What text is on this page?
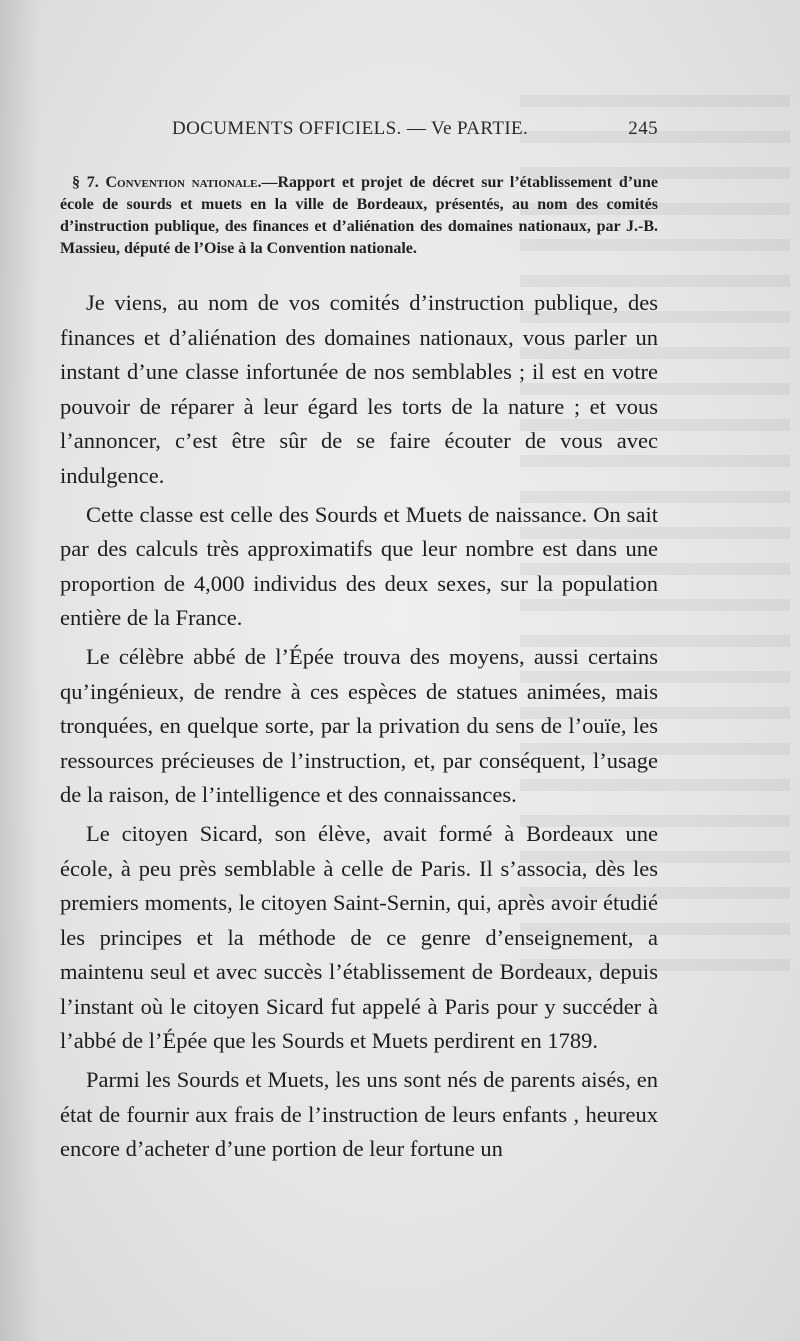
DOCUMENTS OFFICIELS. — Ve PARTIE.	245
§ 7. Convention nationale.—Rapport et projet de décret sur l’établissement d’une école de sourds et muets en la ville de Bordeaux, présentés, au nom des comités d’instruction publique, des finances et d’aliénation des domaines nationaux, par J.-B. Massieu, député de l’Oise à la Convention nationale.

Je viens, au nom de vos comités d’instruction publique, des finances et d’aliénation des domaines nationaux, vous parler un instant d’une classe infortunée de nos semblables ; il est en votre pouvoir de réparer à leur égard les torts de la nature ; et vous l’annoncer, c’est être sûr de se faire écouter de vous avec indulgence.

Cette classe est celle des Sourds et Muets de naissance. On sait par des calculs très approximatifs que leur nombre est dans une proportion de 4,000 individus des deux sexes, sur la population entière de la France.

Le célèbre abbé de l’Épée trouva des moyens, aussi certains qu’ingénieux, de rendre à ces espèces de statues animées, mais tronquées, en quelque sorte, par la privation du sens de l’ouïe, les ressources précieuses de l’instruction, et, par conséquent, l’usage de la raison, de l’intelligence et des connaissances.

Le citoyen Sicard, son élève, avait formé à Bordeaux une école, à peu près semblable à celle de Paris. Il s’associa, dès les premiers moments, le citoyen Saint-Sernin, qui, après avoir étudié les principes et la méthode de ce genre d’enseignement, a maintenu seul et avec succès l’établissement de Bordeaux, depuis l’instant où le citoyen Sicard fut appelé à Paris pour y succéder à l’abbé de l’Épée que les Sourds et Muets perdirent en 1789.

Parmi les Sourds et Muets, les uns sont nés de parents aisés, en état de fournir aux frais de l’instruction de leurs enfants , heureux encore d’acheter d’une portion de leur fortune un
